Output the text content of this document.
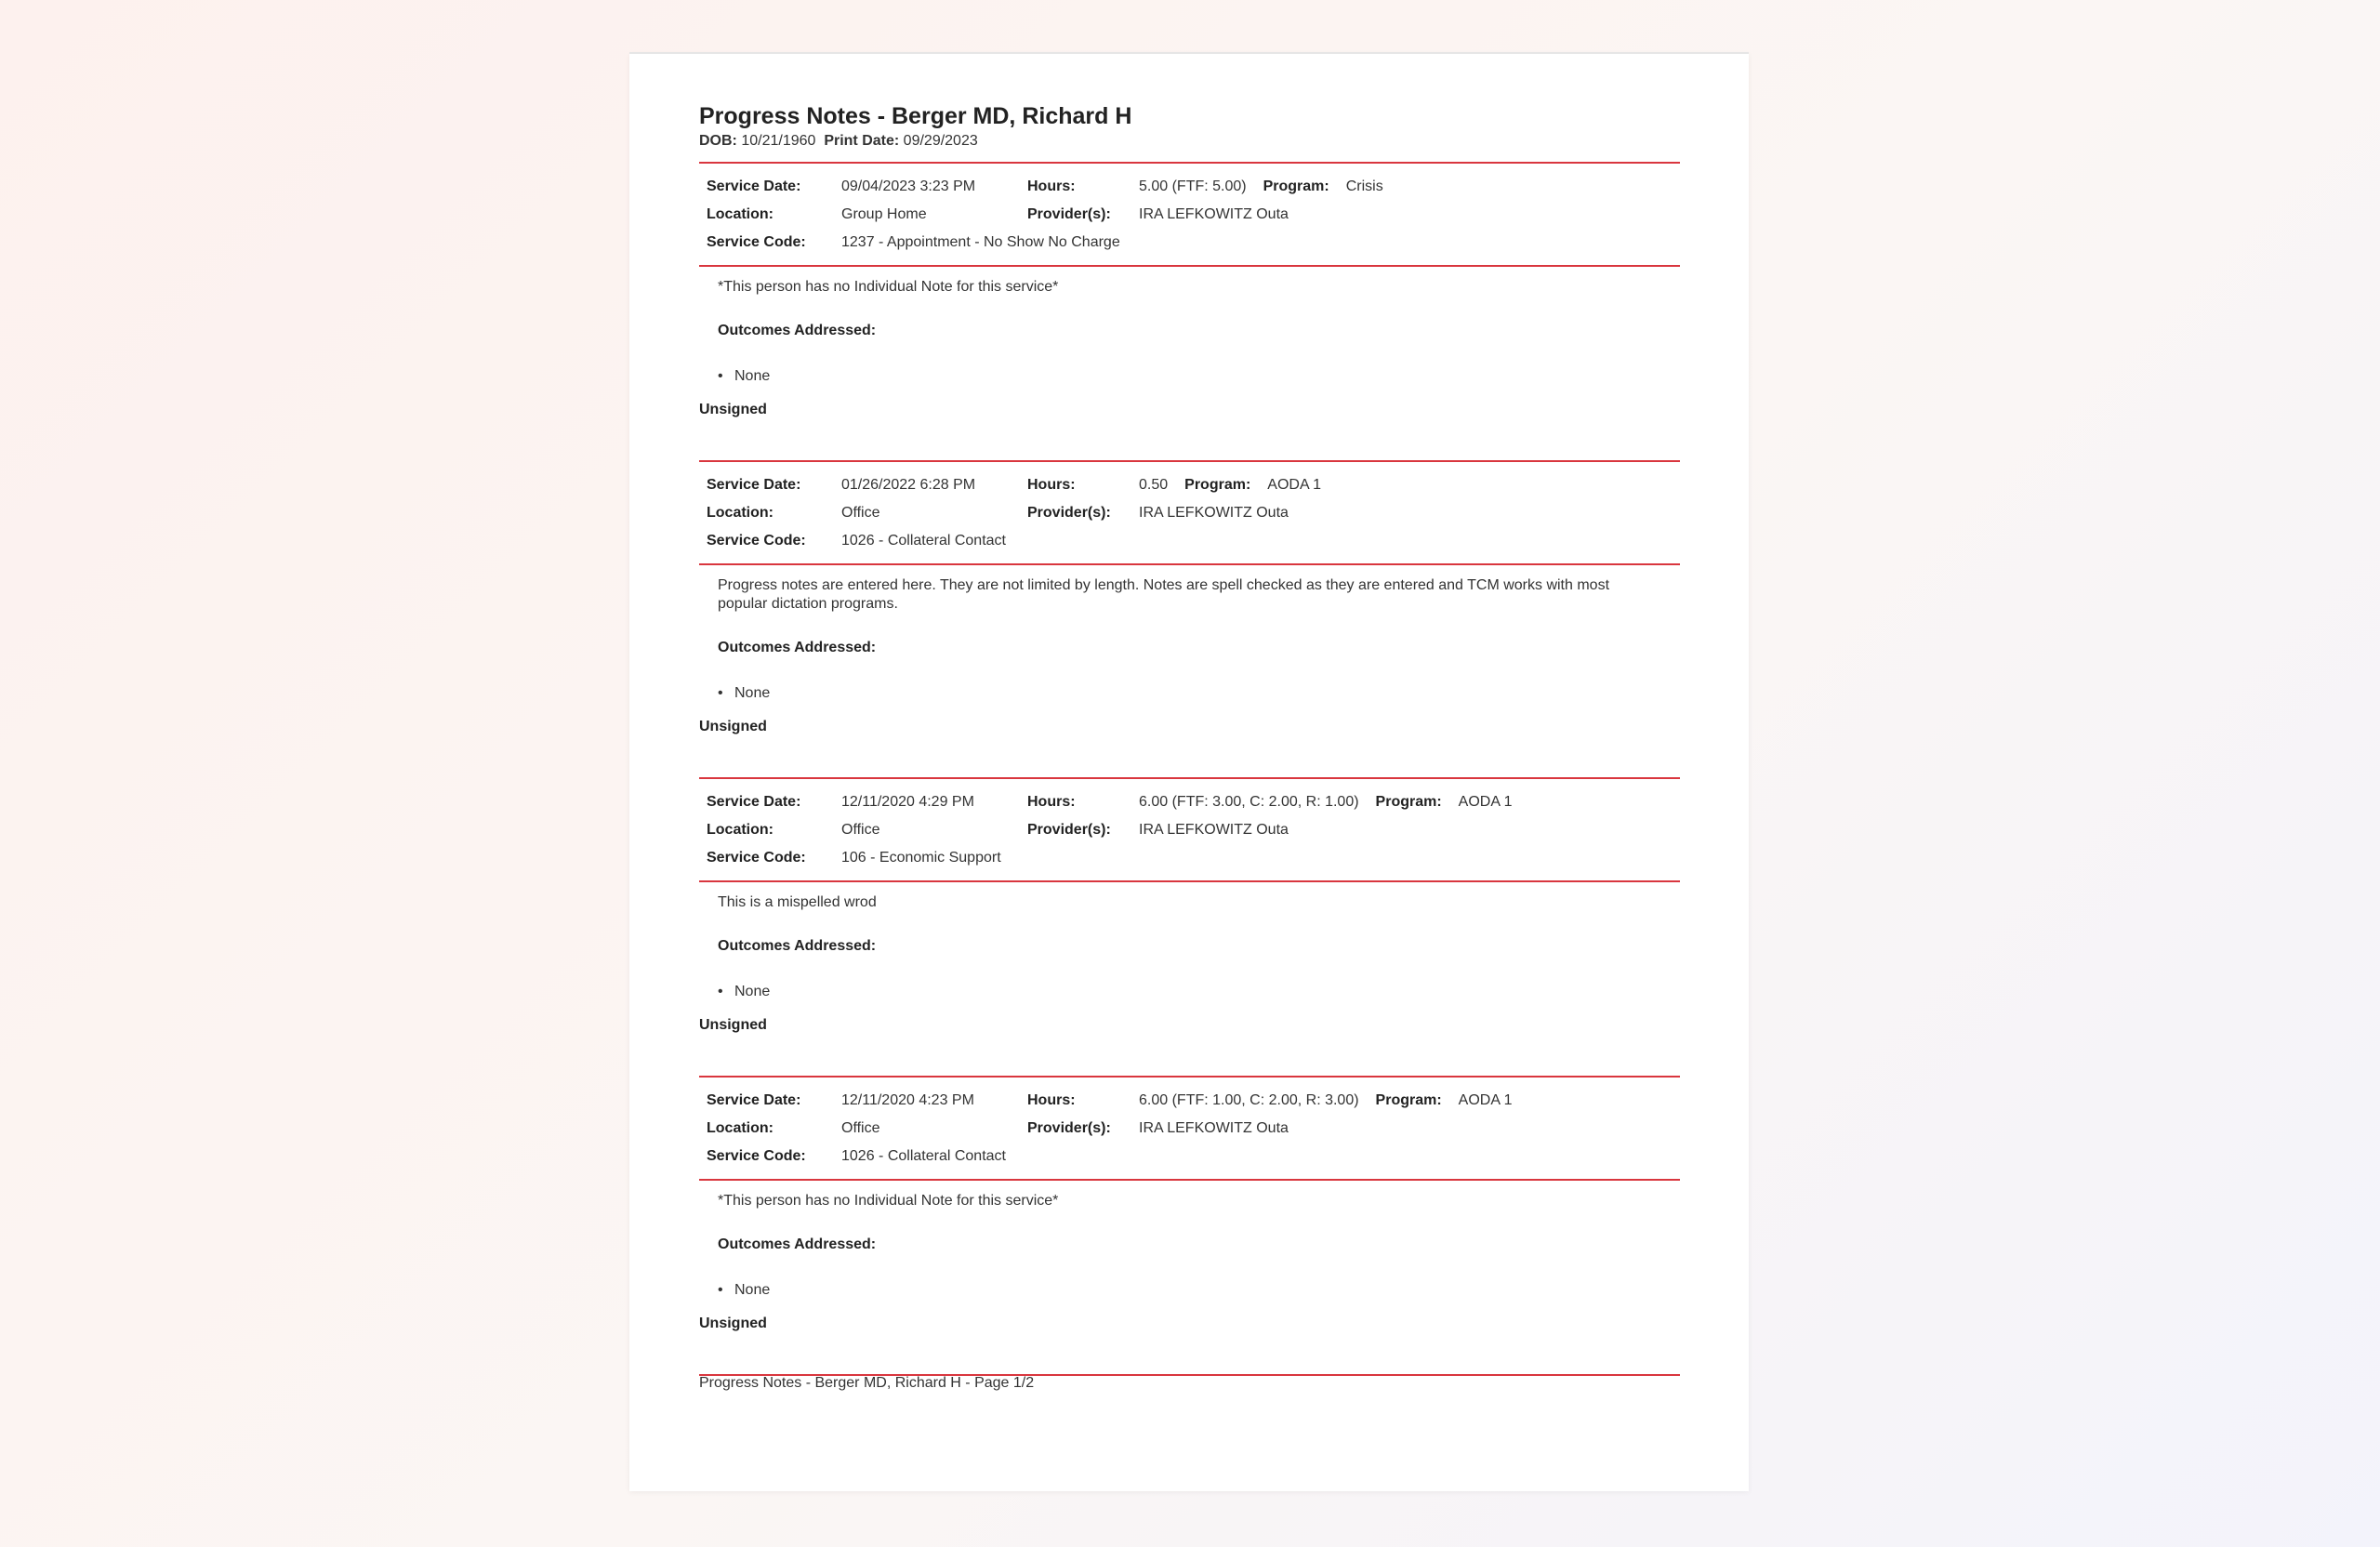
Progress Notes - Berger MD, Richard H
DOB: 10/21/1960 Print Date: 09/29/2023
Service Date:	09/04/2023 3:23 PM	Hours:	5.00 (FTF: 5.00) Program: Crisis
Location:	Group Home	Provider(s):	IRA LEFKOWITZ Outa
Service Code:	1237 - Appointment - No Show No Charge

*This person has no Individual Note for this service*

Outcomes Addressed:
• None
Unsigned
Service Date:	01/26/2022 6:28 PM	Hours:	0.50 Program: AODA 1
Location:	Office	Provider(s):	IRA LEFKOWITZ Outa
Service Code:	1026 - Collateral Contact

Progress notes are entered here. They are not limited by length. Notes are spell checked as they are entered and TCM works with most popular dictation programs.

Outcomes Addressed:
• None
Unsigned
Service Date:	12/11/2020 4:29 PM	Hours:	6.00 (FTF: 3.00, C: 2.00, R: 1.00) Program: AODA 1
Location:	Office	Provider(s):	IRA LEFKOWITZ Outa
Service Code:	106 - Economic Support

This is a mispelled wrod

Outcomes Addressed:
• None
Unsigned
Service Date:	12/11/2020 4:23 PM	Hours:	6.00 (FTF: 1.00, C: 2.00, R: 3.00) Program: AODA 1
Location:	Office	Provider(s):	IRA LEFKOWITZ Outa
Service Code:	1026 - Collateral Contact

*This person has no Individual Note for this service*

Outcomes Addressed:
• None
Unsigned
Progress Notes - Berger MD, Richard H - Page 1/2
